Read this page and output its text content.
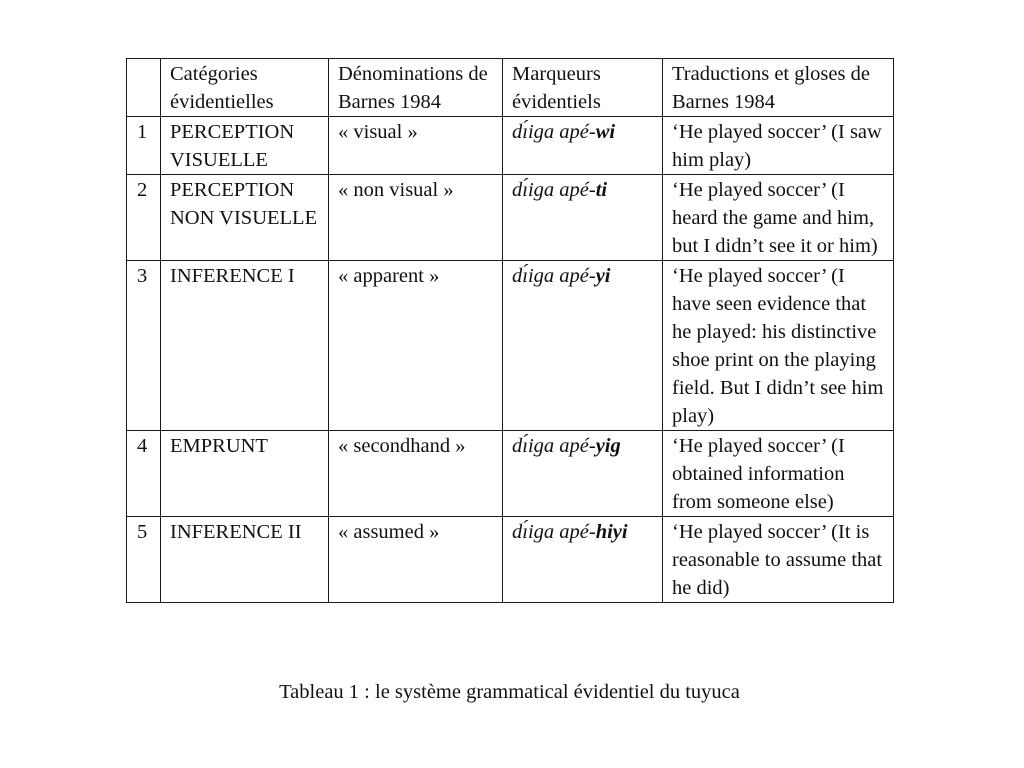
	Catégories évidentielles	Dénominations de Barnes 1984	Marqueurs évidentiels	Traductions et gloses de Barnes 1984
1	PERCEPTION VISUELLE	« visual »	dı́iga apé-wi	‘He played soccer’ (I saw him play)
2	PERCEPTION NON VISUELLE	« non visual »	dı́iga apé-ti	‘He played soccer’ (I heard the game and him, but I didn’t see it or him)
3	INFERENCE I	« apparent »	dı́iga apé-yi	‘He played soccer’ (I have seen evidence that he played: his distinctive shoe print on the playing field. But I didn’t see him play)
4	EMPRUNT	« secondhand »	dı́iga apé-yig	‘He played soccer’ (I obtained information from someone else)
5	INFERENCE II	« assumed »	dı́iga apé-hiyi	‘He played soccer’ (It is reasonable to assume that he did)
Tableau 1 : le système grammatical évidentiel du tuyuca
